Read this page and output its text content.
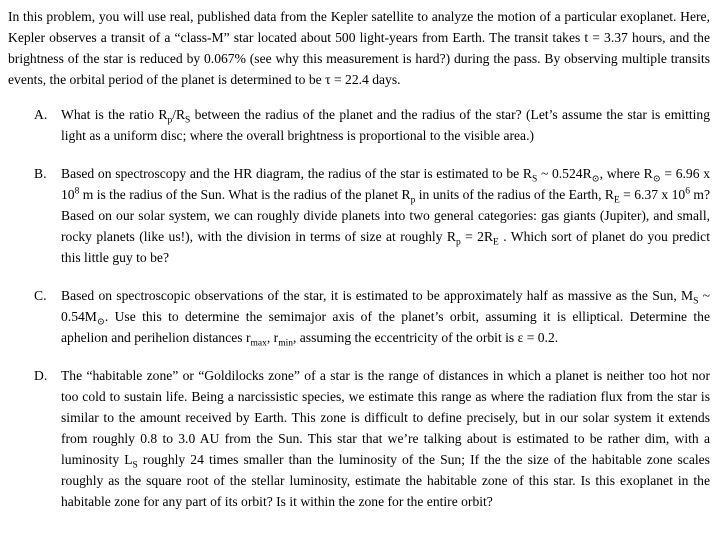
In this problem, you will use real, published data from the Kepler satellite to analyze the motion of a particular exoplanet. Here, Kepler observes a transit of a “class-M” star located about 500 light-years from Earth. The transit takes t = 3.37 hours, and the brightness of the star is reduced by 0.067% (see why this measurement is hard?) during the pass. By observing multiple transits events, the orbital period of the planet is determined to be τ = 22.4 days.

A. What is the ratio $R_p/R_S$ between the radius of the planet and the radius of the star? (Let’s assume the star is emitting light as a uniform disc; where the overall brightness is proportional to the visible area.)
B. Based on spectroscopy and the HR diagram, the radius of the star is estimated to be $R_S$ ~ $0.524R_⊙$, where $R_⊙ = 6.96$ x $10^8$ m is the radius of the Sun. What is the radius of the planet $R_p$ in units of the radius of the Earth, $R_E = 6.37$ x $10^6$ m? Based on our solar system, we can roughly divide planets into two general categories: gas giants (Jupiter), and small, rocky planets (like us!), with the division in terms of size at roughly $R_p = 2R_E$ . Which sort of planet do you predict this little guy to be?
C. Based on spectroscopic observations of the star, it is estimated to be approximately half as massive as the Sun, $M_S$ ~ $0.54M_⊙$. Use this to determine the semimajor axis of the planet’s orbit, assuming it is elliptical. Determine the aphelion and perihelion distances $r_{max}$, $r_{min}$, assuming the eccentricity of the orbit is ε = 0.2.
D. The “habitable zone” or “Goldilocks zone” of a star is the range of distances in which a planet is neither too hot nor too cold to sustain life. Being a narcissistic species, we estimate this range as where the radiation flux from the star is similar to the amount received by Earth. This zone is difficult to define precisely, but in our solar system it extends from roughly 0.8 to 3.0 AU from the Sun. This star that we’re talking about is estimated to be rather dim, with a luminosity $L_S$ roughly 24 times smaller than the luminosity of the Sun; If the the size of the habitable zone scales roughly as the square root of the stellar luminosity, estimate the habitable zone of this star. Is this exoplanet in the habitable zone for any part of its orbit? Is it within the zone for the entire orbit?
